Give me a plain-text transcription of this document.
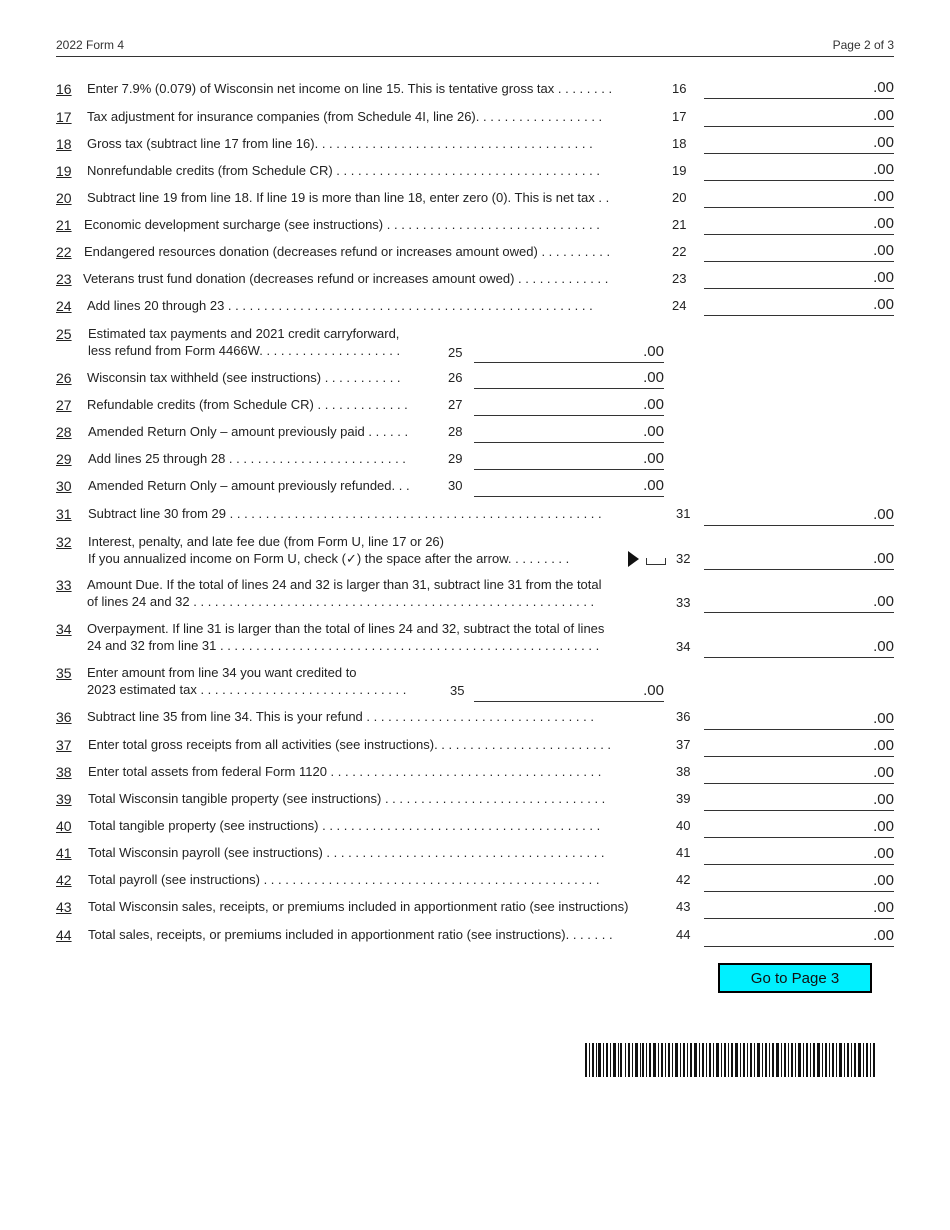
2022 Form 4	Page 2 of 3
16 Enter 7.9% (0.079) of Wisconsin net income on line 15. This is tentative gross tax . . . . . . . .	16	.00
17 Tax adjustment for insurance companies (from Schedule 4I, line 26). . . . . . . . . . . . . . . . . .	17	.00
18 Gross tax (subtract line 17 from line 16). . . . . . . . . . . . . . . . . . . . . . . . . . . . . . . . . . . . . . .	18	.00
19 Nonrefundable credits (from Schedule CR) . . . . . . . . . . . . . . . . . . . . . . . . . . . . . . . . . . . . .	19	.00
20 Subtract line 19 from line 18. If line 19 is more than line 18, enter zero (0). This is net tax . .	20	.00
21 Economic development surcharge (see instructions) . . . . . . . . . . . . . . . . . . . . . . . . . . . . . .	21	.00
22 Endangered resources donation (decreases refund or increases amount owed) . . . . . . . . . .	22	.00
23 Veterans trust fund donation (decreases refund or increases amount owed) . . . . . . . . . . . . .	23	.00
24 Add lines 20 through 23 . . . . . . . . . . . . . . . . . . . . . . . . . . . . . . . . . . . . . . . . . . . . . . . . . . .	24	.00
25 Estimated tax payments and 2021 credit carryforward,
less refund from Form 4466W. . . . . . . . . . . . . . . . . . . .	25	.00
26 Wisconsin tax withheld (see instructions) . . . . . . . . . . .	26	.00
27 Refundable credits (from Schedule CR) . . . . . . . . . . . . .	27	.00
28 Amended Return Only – amount previously paid . . . . . .	28	.00
29 Add lines 25 through 28 . . . . . . . . . . . . . . . . . . . . . . . . .	29	.00
30 Amended Return Only – amount previously refunded. . .	30	.00
31 Subtract line 30 from 29 . . . . . . . . . . . . . . . . . . . . . . . . . . . . . . . . . . . . . . . . . . . . . . . . . . . .	31	.00
32 Interest, penalty, and late fee due (from Form U, line 17 or 26)
If you annualized income on Form U, check (✓) the space after the arrow. . . . . . . . .	32	.00
33 Amount Due. If the total of lines 24 and 32 is larger than 31, subtract line 31 from the total
of lines 24 and 32 . . . . . . . . . . . . . . . . . . . . . . . . . . . . . . . . . . . . . . . . . . . . . . . . . . . . . . . .	33	.00
34 Overpayment. If line 31 is larger than the total of lines 24 and 32, subtract the total of lines
24 and 32 from line 31 . . . . . . . . . . . . . . . . . . . . . . . . . . . . . . . . . . . . . . . . . . . . . . . . . . . . .	34	.00
35 Enter amount from line 34 you want credited to
2023 estimated tax . . . . . . . . . . . . . . . . . . . . . . . . . . . . .	35	.00
36 Subtract line 35 from line 34. This is your refund . . . . . . . . . . . . . . . . . . . . . . . . . . . . . . . .	36	.00
37 Enter total gross receipts from all activities (see instructions). . . . . . . . . . . . . . . . . . . . . . . . .	37	.00
38 Enter total assets from federal Form 1120 . . . . . . . . . . . . . . . . . . . . . . . . . . . . . . . . . . . . . .	38	.00
39 Total Wisconsin tangible property (see instructions) . . . . . . . . . . . . . . . . . . . . . . . . . . . . . . .	39	.00
40 Total tangible property (see instructions) . . . . . . . . . . . . . . . . . . . . . . . . . . . . . . . . . . . . . . .	40	.00
41 Total Wisconsin payroll (see instructions) . . . . . . . . . . . . . . . . . . . . . . . . . . . . . . . . . . . . . . .	41	.00
42 Total payroll (see instructions) . . . . . . . . . . . . . . . . . . . . . . . . . . . . . . . . . . . . . . . . . . . . . . .	42	.00
43 Total Wisconsin sales, receipts, or premiums included in apportionment ratio (see instructions)	43	.00
44 Total sales, receipts, or premiums included in apportionment ratio (see instructions). . . . . . .	44	.00
Go to Page 3
